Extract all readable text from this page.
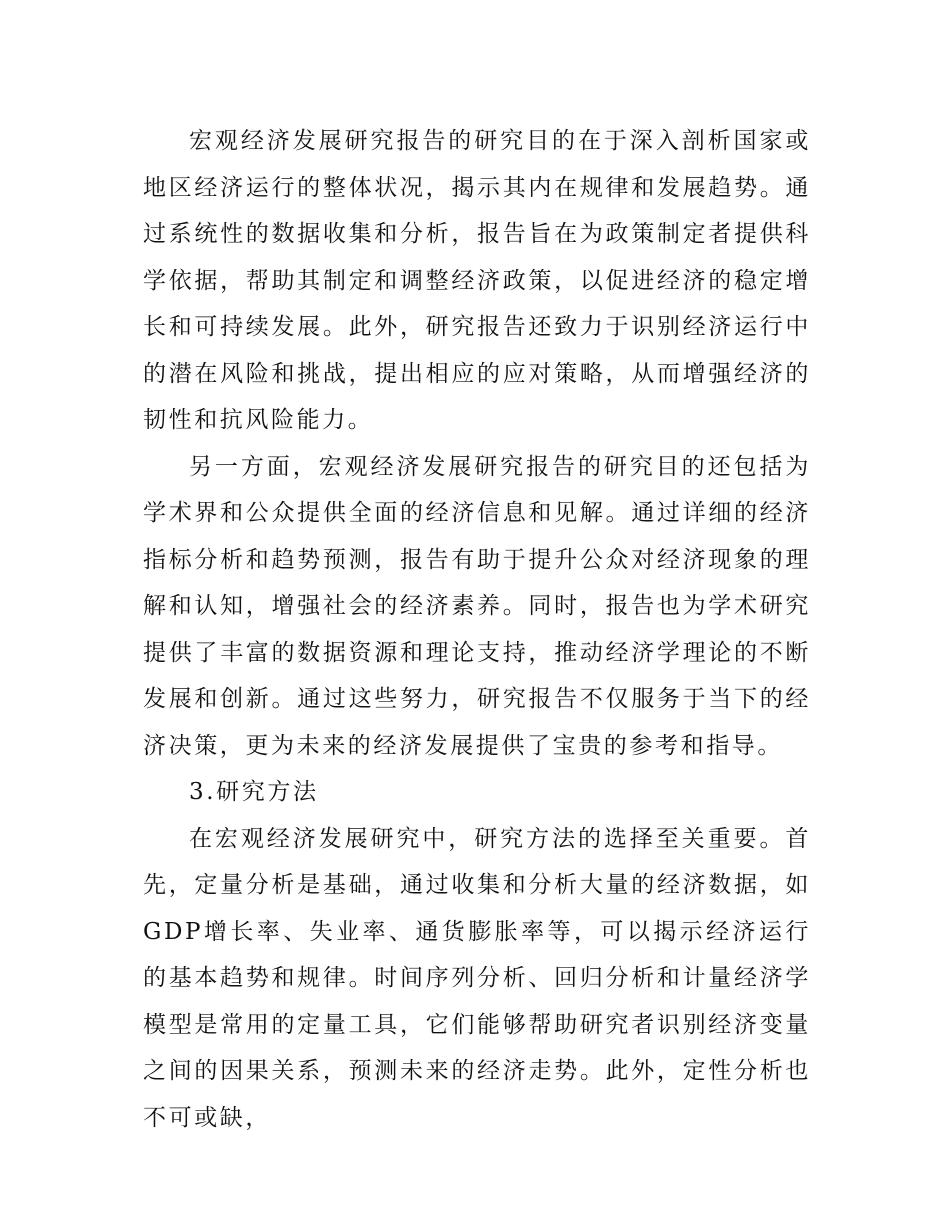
宏观经济发展研究报告的研究目的在于深入剖析国家或地区经济运行的整体状况，揭示其内在规律和发展趋势。通过系统性的数据收集和分析，报告旨在为政策制定者提供科学依据，帮助其制定和调整经济政策，以促进经济的稳定增长和可持续发展。此外，研究报告还致力于识别经济运行中的潜在风险和挑战，提出相应的应对策略，从而增强经济的韧性和抗风险能力。

另一方面，宏观经济发展研究报告的研究目的还包括为学术界和公众提供全面的经济信息和见解。通过详细的经济指标分析和趋势预测，报告有助于提升公众对经济现象的理解和认知，增强社会的经济素养。同时，报告也为学术研究提供了丰富的数据资源和理论支持，推动经济学理论的不断发展和创新。通过这些努力，研究报告不仅服务于当下的经济决策，更为未来的经济发展提供了宝贵的参考和指导。

3.研究方法

在宏观经济发展研究中，研究方法的选择至关重要。首先，定量分析是基础，通过收集和分析大量的经济数据，如GDP增长率、失业率、通货膨胀率等，可以揭示经济运行的基本趋势和规律。时间序列分析、回归分析和计量经济学模型是常用的定量工具，它们能够帮助研究者识别经济变量之间的因果关系，预测未来的经济走势。此外，定性分析也不可或缺，
